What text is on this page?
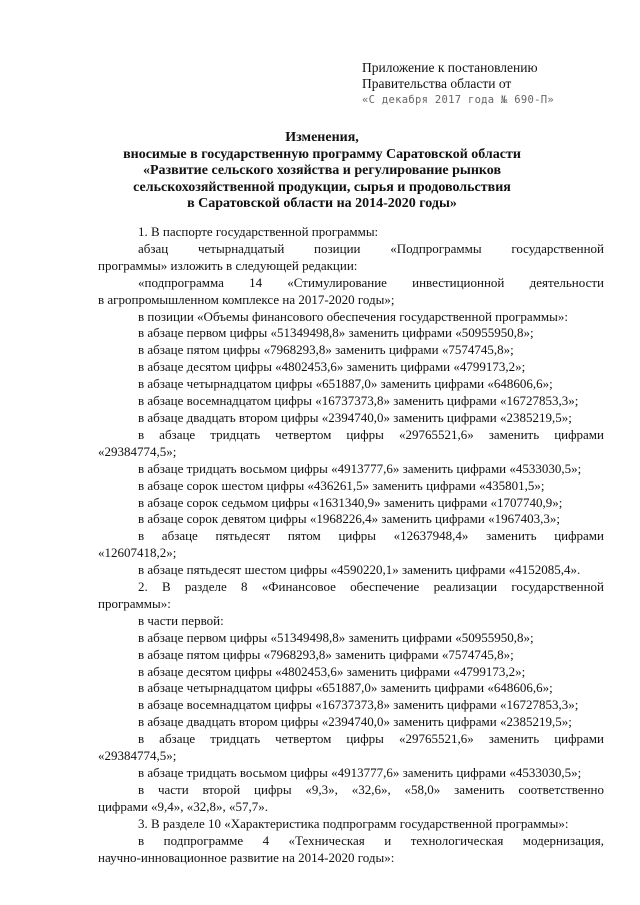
Приложение к постановлению
Правительства области от
«С декабря 2017 года № 690-П»
Изменения,
вносимые в государственную программу Саратовской области
«Развитие сельского хозяйства и регулирование рынков
сельскохозяйственной продукции, сырья и продовольствия
в Саратовской области на 2014-2020 годы»

1. В паспорте государственной программы:

абзац четырнадцатый позиции «Подпрограммы государственной

программы» изложить в следующей редакции:

«подпрограмма 14 «Стимулирование инвестиционной деятельности

в агропромышленном комплексе на 2017-2020 годы»;

в позиции «Объемы финансового обеспечения государственной программы»:

в абзаце первом цифры «51349498,8» заменить цифрами «50955950,8»;

в абзаце пятом цифры «7968293,8» заменить цифрами «7574745,8»;

в абзаце десятом цифры «4802453,6» заменить цифрами «4799173,2»;

в абзаце четырнадцатом цифры «651887,0» заменить цифрами «648606,6»;

в абзаце восемнадцатом цифры «16737373,8» заменить цифрами «16727853,3»;

в абзаце двадцать втором цифры «2394740,0» заменить цифрами «2385219,5»;

в абзаце тридцать четвертом цифры «29765521,6» заменить цифрами

«29384774,5»;

в абзаце тридцать восьмом цифры «4913777,6» заменить цифрами «4533030,5»;

в абзаце сорок шестом цифры «436261,5» заменить цифрами «435801,5»;

в абзаце сорок седьмом цифры «1631340,9» заменить цифрами «1707740,9»;

в абзаце сорок девятом цифры «1968226,4» заменить цифрами «1967403,3»;

в абзаце пятьдесят пятом цифры «12637948,4» заменить цифрами

«12607418,2»;

в абзаце пятьдесят шестом цифры «4590220,1» заменить цифрами «4152085,4».

2. В разделе 8 «Финансовое обеспечение реализации государственной

программы»:

в части первой:

в абзаце первом цифры «51349498,8» заменить цифрами «50955950,8»;

в абзаце пятом цифры «7968293,8» заменить цифрами «7574745,8»;

в абзаце десятом цифры «4802453,6» заменить цифрами «4799173,2»;

в абзаце четырнадцатом цифры «651887,0» заменить цифрами «648606,6»;

в абзаце восемнадцатом цифры «16737373,8» заменить цифрами «16727853,3»;

в абзаце двадцать втором цифры «2394740,0» заменить цифрами «2385219,5»;

в абзаце тридцать четвертом цифры «29765521,6» заменить цифрами

«29384774,5»;

в абзаце тридцать восьмом цифры «4913777,6» заменить цифрами «4533030,5»;

в части второй цифры «9,3», «32,6», «58,0» заменить соответственно

цифрами «9,4», «32,8», «57,7».

3. В разделе 10 «Характеристика подпрограмм государственной программы»:

в подпрограмме 4 «Техническая и технологическая модернизация,

научно-инновационное развитие на 2014-2020 годы»:
